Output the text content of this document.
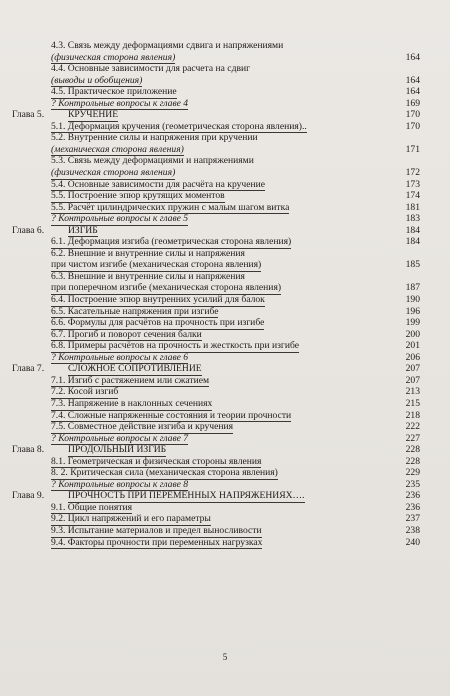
4.3. Связь между деформациями сдвига и напряжениями
(физическая сторона явления)	164
4.4. Основные зависимости для расчета на сдвиг
(выводы и обобщения)	164
4.5. Практическое приложение	164
? Контрольные вопросы к главе 4	169
Глава 5. КРУЧЕНИЕ	170
5.1. Деформация кручения (геометрическая сторона явления)..	170
5.2. Внутренние силы и напряжения при кручении
(механическая сторона явления)	171
5.3. Связь между деформациями и напряжениями
(физическая сторона явления)	172
5.4. Основные зависимости для расчёта на кручение	173
5.5. Построение эпюр крутящих моментов	174
5.5. Расчёт цилиндрических пружин с малым шагом витка	181
? Контрольные вопросы к главе 5	183
Глава 6. ИЗГИБ	184
6.1. Деформация изгиба (геометрическая сторона явления)	184
6.2. Внешние и внутренние силы и напряжения
при чистом изгибе (механическая сторона явления)	185
6.3. Внешние и внутренние силы и напряжения
при поперечном изгибе (механическая сторона явления)	187
6.4. Построение эпюр внутренних усилий для балок	190
6.5. Касательные напряжения при изгибе	196
6.6. Формулы для расчётов на прочность при изгибе	199
6.7. Прогиб и поворот сечения балки	200
6.8. Примеры расчётов на прочность и жесткость при изгибе	201
? Контрольные вопросы к главе 6	206
Глава 7. СЛОЖНОЕ СОПРОТИВЛЕНИЕ	207
7.1. Изгиб с растяжением или сжатием	207
7.2. Косой изгиб	213
7.3. Напряжение в наклонных сечениях	215
7.4. Сложные напряженные состояния и теории прочности	218
7.5. Совместное действие изгиба и кручения	222
? Контрольные вопросы к главе 7	227
Глава 8. ПРОДОЛЬНЫЙ ИЗГИБ	228
8.1. Геометрическая и физическая стороны явления	228
8. 2. Критическая сила (механическая сторона явления)	229
? Контрольные вопросы к главе 8	235
Глава 9. ПРОЧНОСТЬ ПРИ ПЕРЕМЕННЫХ НАПРЯЖЕНИЯХ….	236
9.1. Общие понятия	236
9.2. Цикл напряжений и его параметры	237
9.3. Испытание материалов и предел выносливости	238
9.4. Факторы прочности при переменных нагрузках	240
5
